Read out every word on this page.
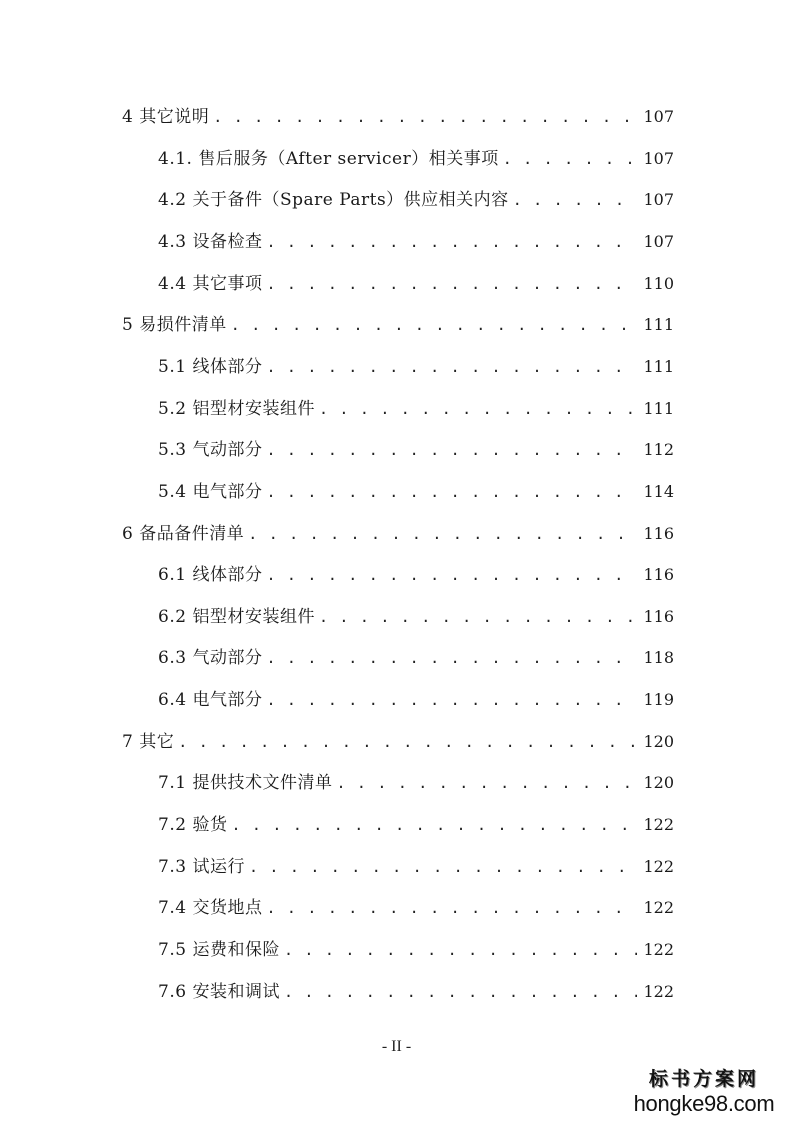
4 其它说明 . . .	107
4.1. 售后服务（After servicer）相关事项 . . .	107
4.2 关于备件（Spare Parts）供应相关内容 . . .	107
4.3 设备检查 . . .	107
4.4 其它事项 . . .	110
5 易损件清单 . . .	111
5.1 线体部分 . . .	111
5.2 铝型材安装组件 . . .	111
5.3 气动部分 . . .	112
5.4 电气部分 . . .	114
6 备品备件清单 . . .	116
6.1 线体部分 . . .	116
6.2 铝型材安装组件 . . .	116
6.3 气动部分 . . .	118
6.4 电气部分 . . .	119
7 其它 . . .	120
7.1 提供技术文件清单 . . .	120
7.2 验货 . . .	122
7.3 试运行 . . .	122
7.4 交货地点 . . .	122
7.5 运费和保险 . . .	122
7.6 安装和调试 . . .	122
- II -
标书方案网
hongke98.com
